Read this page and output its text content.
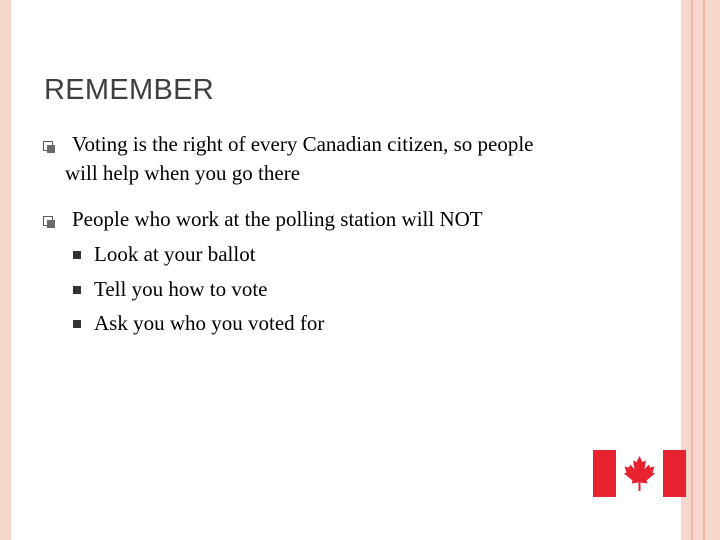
REMEMBER
Voting is the right of every Canadian citizen, so people
will help when you go there
People who work at the polling station will NOT
Look at your ballot
Tell you how to vote
Ask you who you voted for
